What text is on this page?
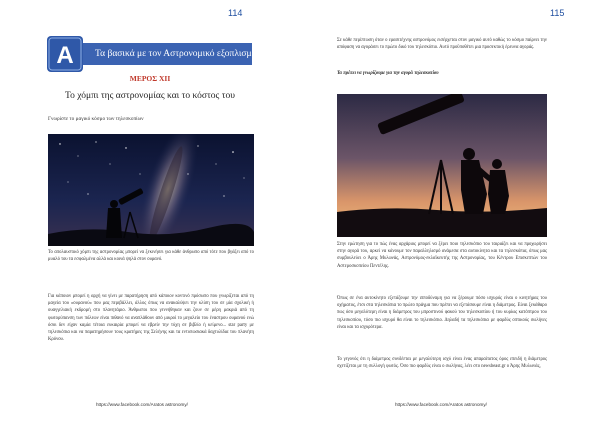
114
Τα βασικά με τον Αστρονομικό εξοπλισμό
A
ΜΕΡΟΣ XII
Το χόμπι της αστρονομίας και το κόστος του
Γνωρίστε το μαγικό κόσμο των τηλεσκοπίων
Το απολαυστικό χόμπι της αστρονομίας μπορεί να ξεκινήσει για κάθε άνθρωπο από τότε που βγάζει από το μυαλό του τα εσφαλμένα αλλά και κοινά ψηλά στον ουρανό.
Για κάποιον μπορεί η αρχή να γίνει με παρατήρηση από κάποιον κοντινό πρόσωπο που γνωρίζεται από τη μαγεία του «ουρανού» που μας περιβάλλει, άλλος όπως να ανακαλύψει την κλίση του σε μία σχολική ή ουαγγελιακή εκδρομή στο πλανητάριο. Άνθρωποι που γεννήθηκαν και ζουν σε μέρη μακριά από τη φωτορύπανση των πόλεων είναι πιθανό να αναπλάθουν από μικροί το μεγαλείο του έναστρου ουρανού ενώ όσοι δεν είχαν καμία τέτοια ευκαιρία μπορεί να εβρείν την τύχη σε βιβλίο ή κείμενο... star party με τηλεσκόπια και να παρατηρήσουν τους κρατήρες της Σελήνης και τα εντυπωσιακά δαχτυλίδια του πλανήτη Κρόνου.
https://www.facebook.com/Aratos astronomy/
115
https://www.facebook.com/Aratos astronomy/
Σε κάθε περίπτωση όταν ο ερασιτέχνης αστρονόμος εισέρχεται στον μαγικό αυτό καθώς το κόσμο παίρνει την απόφαση να αγοράσει το πρώτο δικό του τηλεσκόπιο. Αυτό προϋποθέτει μια προσεκτική έρευνα αγοράς.
Τα πρέπει να γνωρίζουμε για την αγορά τηλεσκοπίου
Στην ερώτηση για το πώς ένας αρχάριος μπορεί να ξέρει ποιο τηλεσκόπιο του ταιριάζει και να προχωρήσει στην αγορά του, αρκεί να κάνουμε τον παραλληλισμό ανάμεσα στα αυτοκίνητα και τα τηλεσκόπια, όπως μας συμβουλεύει ο Άρης Μυλωνάς, Αστρονόμος-εκλαϊκευτής της Αστρονομίας, του Κέντρου Επισκεπτών του Αστεροσκοπείου Πεντέλης.
Όπως σε ένα αυτοκίνητο εξετάζουμε την ιπποδύναμη για να ξέρουμε πόσο ισχυρός είναι ο κινητήρας του οχήματος, έτσι στα τηλεσκόπια το πρώτο πράγμα που πρέπει να εξετάσουμε είναι η διάμετρος. Είναι ξεκάθαρο πως όσο μεγαλύτερη είναι η διάμετρος του μπροστινού φακού του τηλεσκοπίου ή του κυρίως κατόπτρου του τηλεσκοπίου, τόσο πιο ισχυρό θα είναι το τηλεσκόπιο. Δηλαδή τα τηλεσκόπια με φαρδύς οπτικούς σωλήνες είναι και τα ισχυρότερα.
Το γεγονός ότι η διάμετρος συνδέεται με μεγαλύτερη ισχύ είναι ένας απαραίτατος όρος επειδή η διάμετρος σχετίζεται με τη συλλογή φωτός. Όσο πιο φαρδύς είναι ο σωλήνας, λέει στο newsbeast.gr ο Άρης Μυλωνάς,
